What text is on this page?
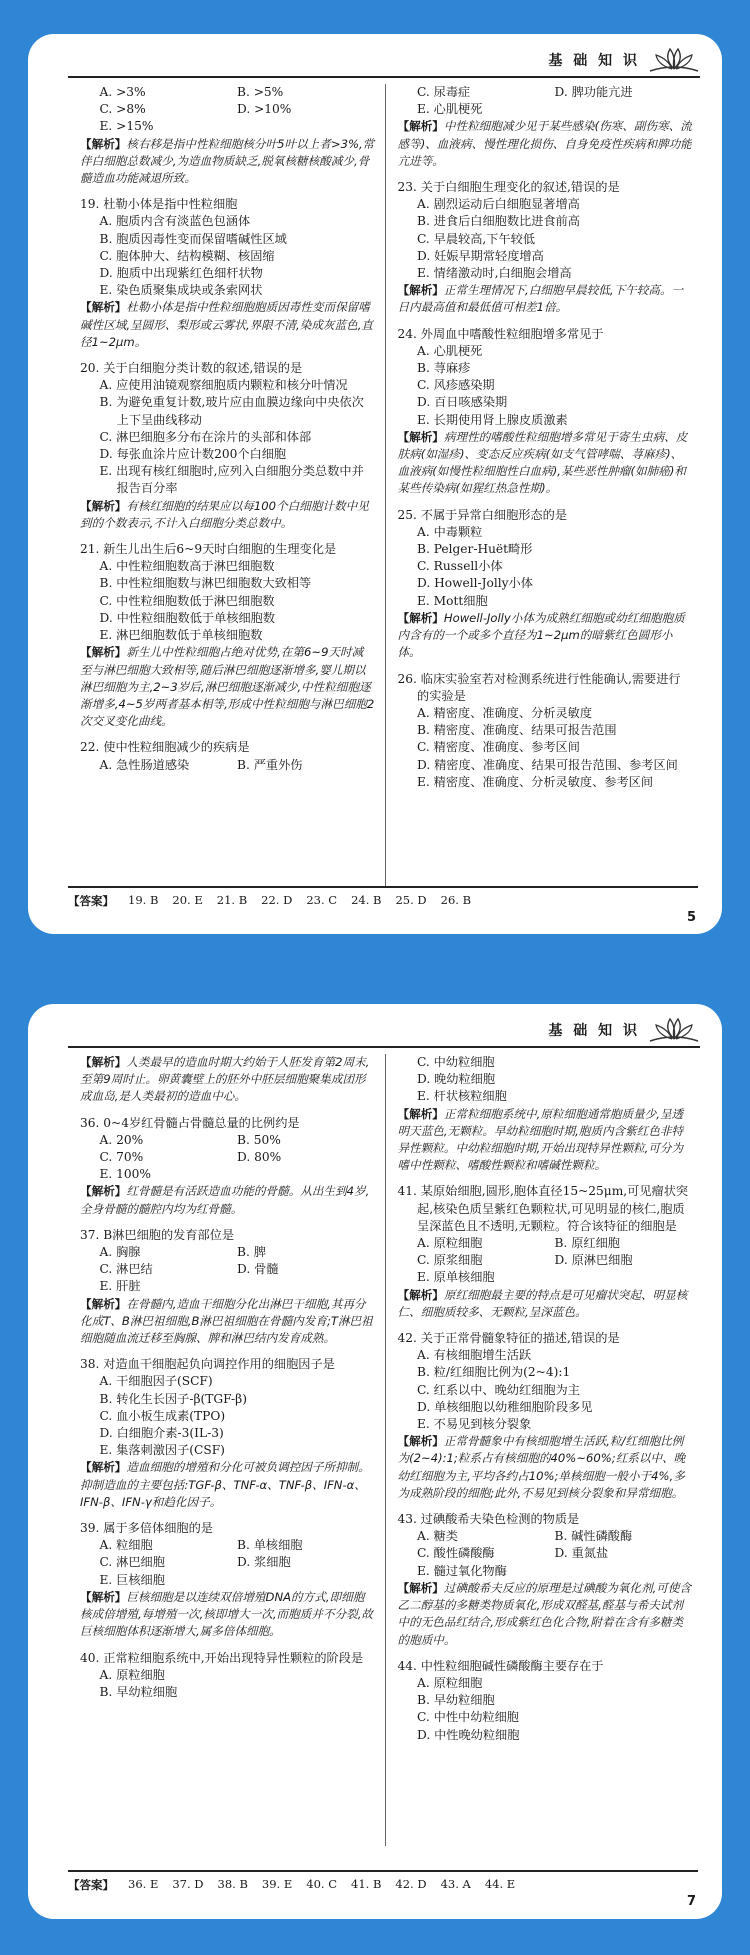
基 础 知 识
A. >3%	B. >5%
C. >8%	D. >10%
E. >15%
【解析】核右移是指中性粒细胞核分叶5叶以上者>3%,常伴白细胞总数减少,为造血物质缺乏,脱氧核糖核酸减少,骨髓造血功能减退所致。
19. 杜勒小体是指中性粒细胞
A. 胞质内含有淡蓝色包涵体
B. 胞质因毒性变而保留嗜碱性区域
C. 胞体肿大、结构模糊、核固缩
D. 胞质中出现紫红色细杆状物
E. 染色质聚集成块或条索网状
【解析】杜勒小体是指中性粒细胞胞质因毒性变而保留嗜碱性区域,呈圆形、梨形或云雾状,界限不清,染成灰蓝色,直径1~2μm。
20. 关于白细胞分类计数的叙述,错误的是
A. 应使用油镜观察细胞质内颗粒和核分叶情况
B. 为避免重复计数,玻片应由血膜边缘向中央依次上下呈曲线移动
C. 淋巴细胞多分布在涂片的头部和体部
D. 每张血涂片应计数200个白细胞
E. 出现有核红细胞时,应列入白细胞分类总数中并报告百分率
【解析】有核红细胞的结果应以每100个白细胞计数中见到的个数表示,不计入白细胞分类总数中。
21. 新生儿出生后6~9天时白细胞的生理变化是
A. 中性粒细胞数高于淋巴细胞数
B. 中性粒细胞数与淋巴细胞数大致相等
C. 中性粒细胞数低于淋巴细胞数
D. 中性粒细胞数低于单核细胞数
E. 淋巴细胞数低于单核细胞数
【解析】新生儿中性粒细胞占绝对优势,在第6~9天时减至与淋巴细胞大致相等,随后淋巴细胞逐渐增多,婴儿期以淋巴细胞为主,2~3岁后,淋巴细胞逐渐减少,中性粒细胞逐渐增多,4~5岁两者基本相等,形成中性粒细胞与淋巴细胞2次交叉变化曲线。
22. 使中性粒细胞减少的疾病是
A. 急性肠道感染	B. 严重外伤
C. 尿毒症	D. 脾功能亢进
E. 心肌梗死
【解析】中性粒细胞减少见于某些感染(伤寒、副伤寒、流感等)、血液病、慢性理化损伤、自身免疫性疾病和脾功能亢进等。
23. 关于白细胞生理变化的叙述,错误的是
A. 剧烈运动后白细胞显著增高
B. 进食后白细胞数比进食前高
C. 早晨较高,下午较低
D. 妊娠早期常轻度增高
E. 情绪激动时,白细胞会增高
【解析】正常生理情况下,白细胞早晨较低,下午较高。一日内最高值和最低值可相差1倍。
24. 外周血中嗜酸性粒细胞增多常见于
A. 心肌梗死
B. 荨麻疹
C. 风疹感染期
D. 百日咳感染期
E. 长期使用肾上腺皮质激素
【解析】病理性的嗜酸性粒细胞增多常见于寄生虫病、皮肤病(如湿疹)、变态反应疾病(如支气管哮喘、荨麻疹)、血液病(如慢性粒细胞性白血病),某些恶性肿瘤(如肺癌)和某些传染病(如猩红热急性期)。
25. 不属于异常白细胞形态的是
A. 中毒颗粒
B. Pelger-Huët畸形
C. Russell小体
D. Howell-Jolly小体
E. Mott细胞
【解析】Howell-Jolly小体为成熟红细胞或幼红细胞胞质内含有的一个或多个直径为1~2μm的暗紫红色圆形小体。
26. 临床实验室若对检测系统进行性能确认,需要进行的实验是
A. 精密度、准确度、分析灵敏度
B. 精密度、准确度、结果可报告范围
C. 精密度、准确度、参考区间
D. 精密度、准确度、结果可报告范围、参考区间
E. 精密度、准确度、分析灵敏度、参考区间
【答案】 19. B 20. E 21. B 22. D 23. C 24. B 25. D 26. B
5
基 础 知 识
【解析】人类最早的造血时期大约始于人胚发育第2周末,至第9周时止。卵黄囊壁上的胚外中胚层细胞聚集成团形成血岛,是人类最初的造血中心。
36. 0~4岁红骨髓占骨髓总量的比例约是
A. 20%	B. 50%
C. 70%	D. 80%
E. 100%
【解析】红骨髓是有活跃造血功能的骨髓。从出生到4岁,全身骨髓的髓腔内均为红骨髓。
37. B淋巴细胞的发育部位是
A. 胸腺	B. 脾
C. 淋巴结	D. 骨髓
E. 肝脏
【解析】在骨髓内,造血干细胞分化出淋巴干细胞,其再分化成T、B淋巴祖细胞,B淋巴祖细胞在骨髓内发育;T淋巴祖细胞随血流迁移至胸腺、脾和淋巴结内发育成熟。
38. 对造血干细胞起负向调控作用的细胞因子是
A. 干细胞因子(SCF)
B. 转化生长因子-β(TGF-β)
C. 血小板生成素(TPO)
D. 白细胞介素-3(IL-3)
E. 集落刺激因子(CSF)
【解析】造血细胞的增殖和分化可被负调控因子所抑制。抑制造血的主要包括:TGF-β、TNF-α、TNF-β、IFN-α、IFN-β、IFN-γ和趋化因子。
39. 属于多倍体细胞的是
A. 粒细胞	B. 单核细胞
C. 淋巴细胞	D. 浆细胞
E. 巨核细胞
【解析】巨核细胞是以连续双倍增殖DNA的方式,即细胞核成倍增殖,每增殖一次,核即增大一次,而胞质并不分裂,故巨核细胞体积逐渐增大,属多倍体细胞。
40. 正常粒细胞系统中,开始出现特异性颗粒的阶段是
A. 原粒细胞
B. 早幼粒细胞
C. 中幼粒细胞
D. 晚幼粒细胞
E. 杆状核粒细胞
【解析】正常粒细胞系统中,原粒细胞通常胞质量少,呈透明天蓝色,无颗粒。早幼粒细胞时期,胞质内含紫红色非特异性颗粒。中幼粒细胞时期,开始出现特异性颗粒,可分为嗜中性颗粒、嗜酸性颗粒和嗜碱性颗粒。
41. 某原始细胞,圆形,胞体直径15~25μm,可见瘤状突起,核染色质呈紫红色颗粒状,可见明显的核仁,胞质呈深蓝色且不透明,无颗粒。符合该特征的细胞是
A. 原粒细胞	B. 原红细胞
C. 原浆细胞	D. 原淋巴细胞
E. 原单核细胞
【解析】原红细胞最主要的特点是可见瘤状突起、明显核仁、细胞质较多、无颗粒,呈深蓝色。
42. 关于正常骨髓象特征的描述,错误的是
A. 有核细胞增生活跃
B. 粒/红细胞比例为(2~4):1
C. 红系以中、晚幼红细胞为主
D. 单核细胞以幼稚细胞阶段多见
E. 不易见到核分裂象
【解析】正常骨髓象中有核细胞增生活跃,粒/红细胞比例为(2~4):1;粒系占有核细胞的40%~60%;红系以中、晚幼红细胞为主,平均各约占10%;单核细胞一般小于4%,多为成熟阶段的细胞;此外,不易见到核分裂象和异常细胞。
43. 过碘酸希夫染色检测的物质是
A. 糖类	B. 碱性磷酸酶
C. 酸性磷酸酶	D. 重氮盐
E. 髓过氧化物酶
【解析】过碘酸希夫反应的原理是过碘酸为氧化剂,可使含乙二醇基的多糖类物质氧化,形成双醛基,醛基与希夫试剂中的无色品红结合,形成紫红色化合物,附着在含有多糖类的胞质中。
44. 中性粒细胞碱性磷酸酶主要存在于
A. 原粒细胞
B. 早幼粒细胞
C. 中性中幼粒细胞
D. 中性晚幼粒细胞
【答案】 36. E 37. D 38. B 39. E 40. C 41. B 42. D 43. A 44. E
7
